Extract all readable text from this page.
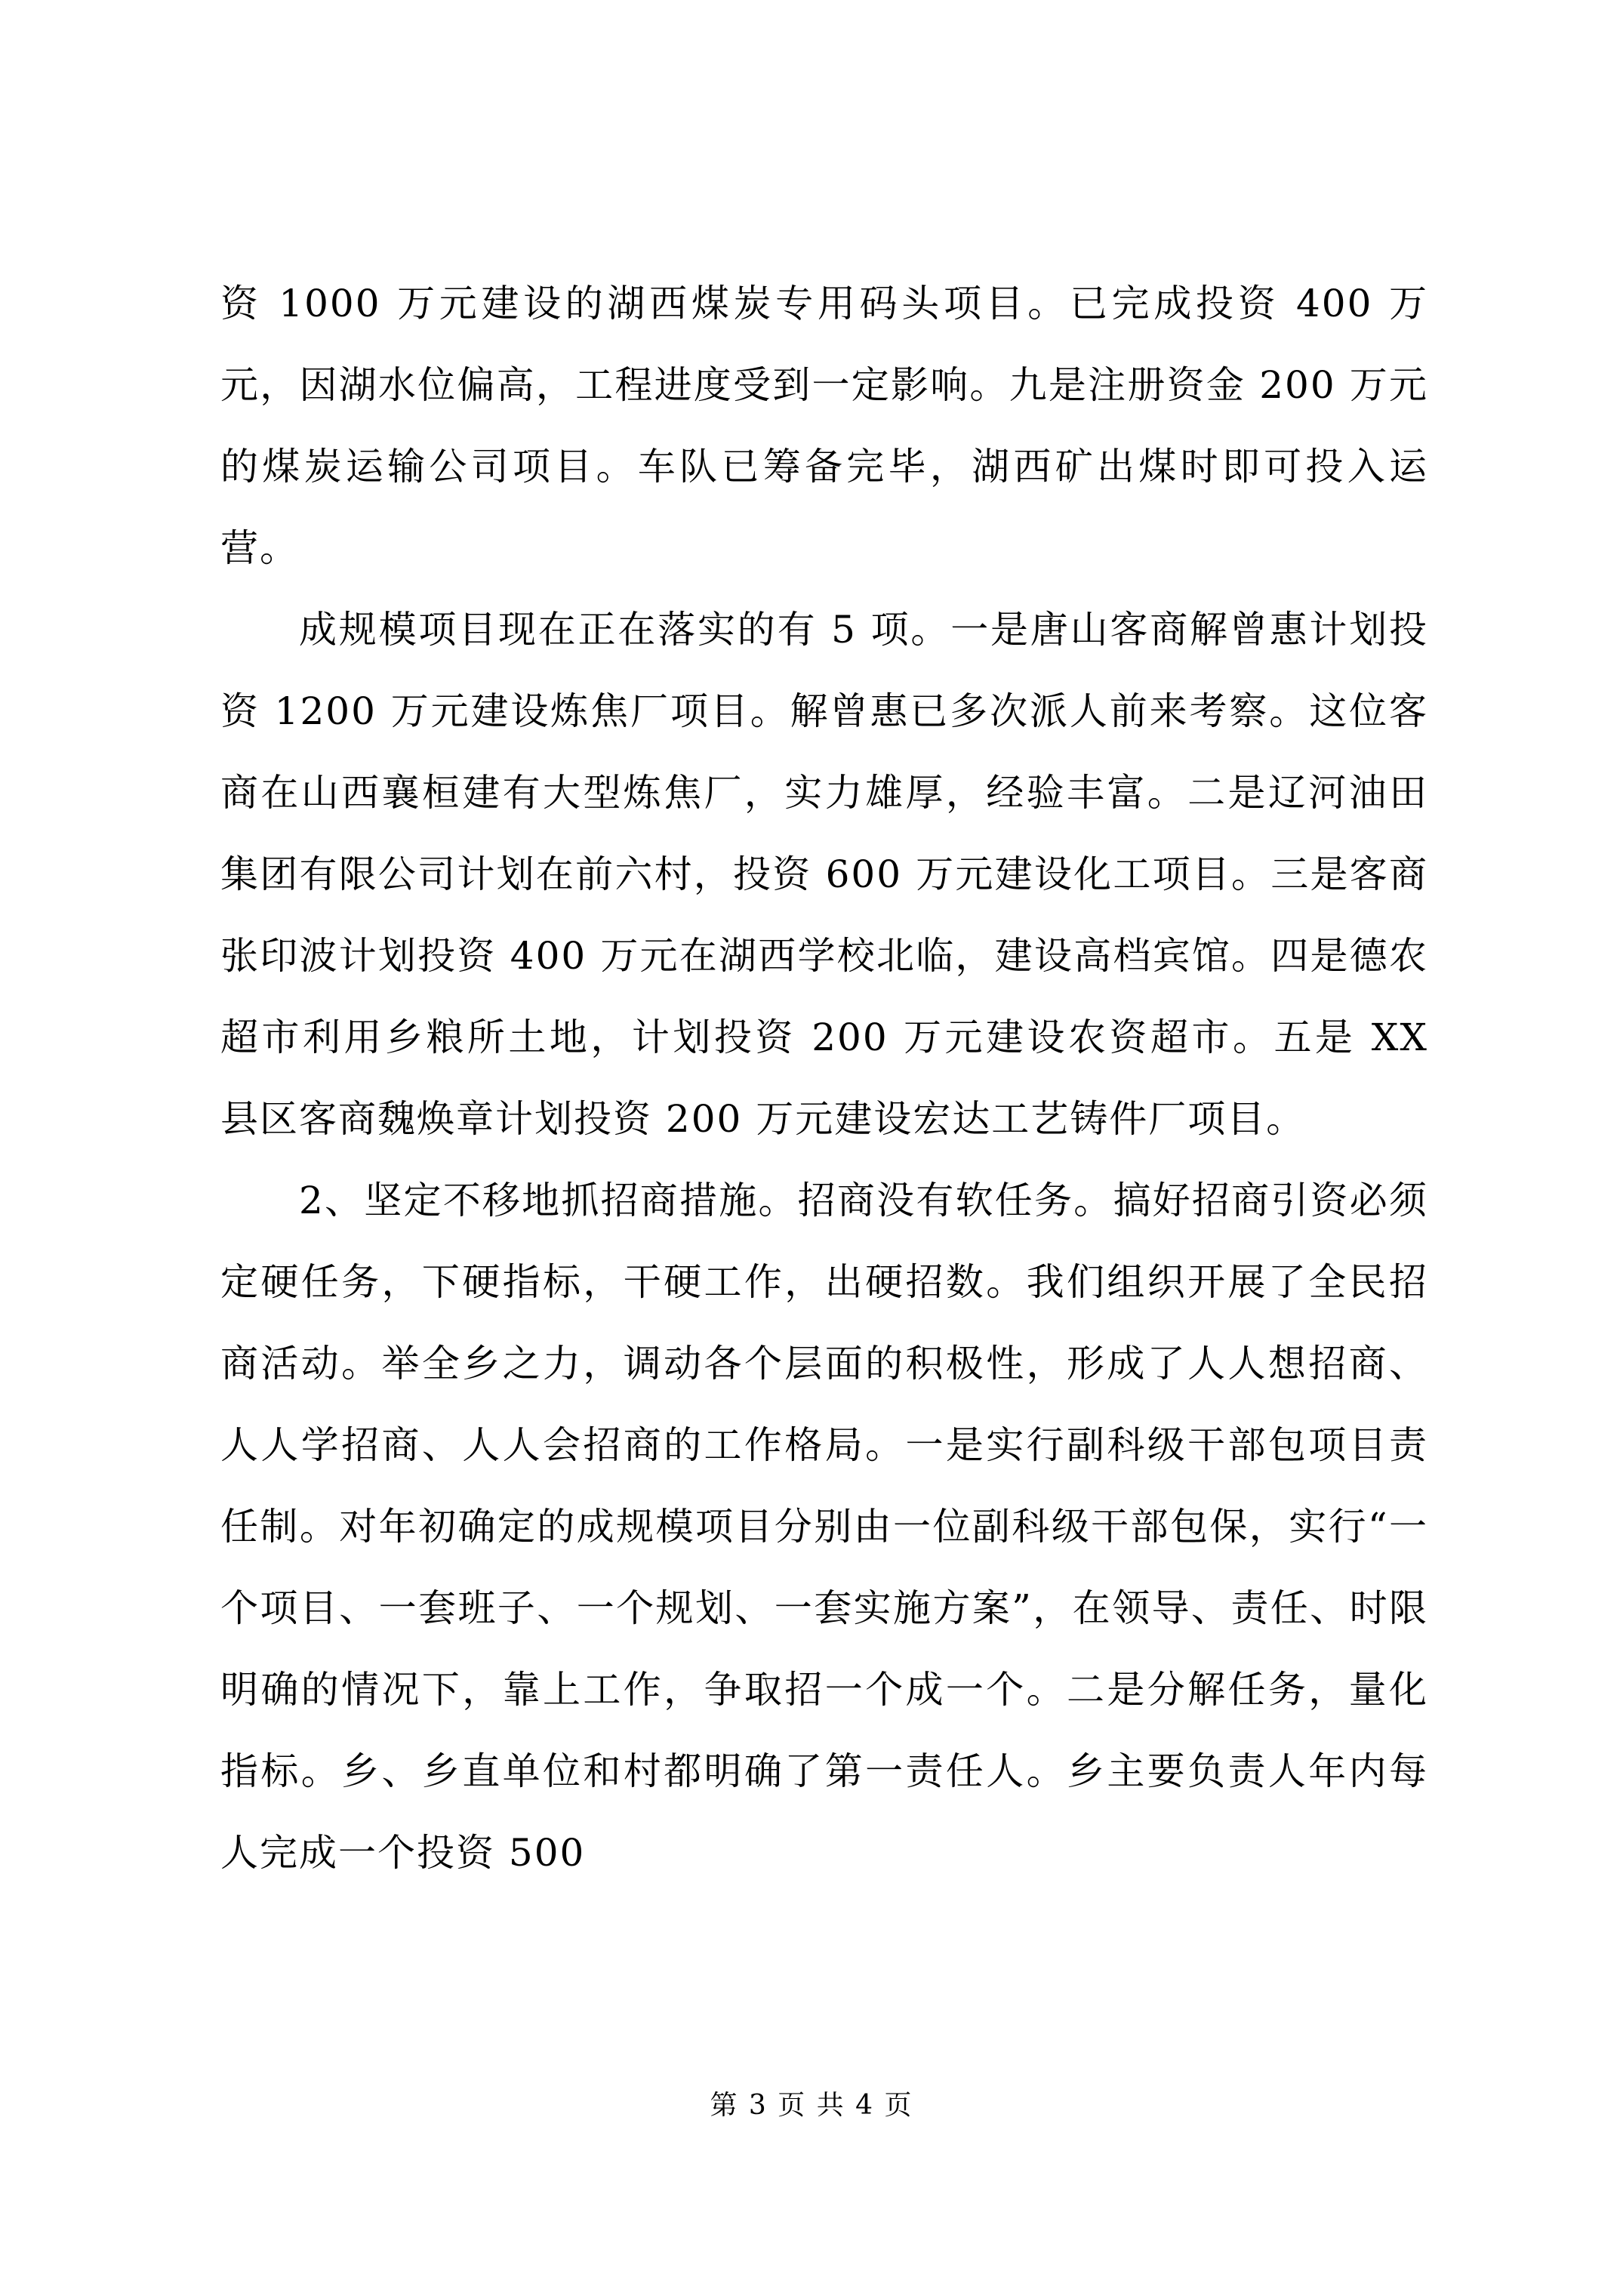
资 1000 万元建设的湖西煤炭专用码头项目。已完成投资 400 万元，因湖水位偏高，工程进度受到一定影响。九是注册资金 200 万元的煤炭运输公司项目。车队已筹备完毕，湖西矿出煤时即可投入运营。

成规模项目现在正在落实的有 5 项。一是唐山客商解曾惠计划投资 1200 万元建设炼焦厂项目。解曾惠已多次派人前来考察。这位客商在山西襄桓建有大型炼焦厂，实力雄厚，经验丰富。二是辽河油田集团有限公司计划在前六村，投资 600 万元建设化工项目。三是客商张印波计划投资 400 万元在湖西学校北临，建设高档宾馆。四是德农超市利用乡粮所土地，计划投资 200 万元建设农资超市。五是 XX 县区客商魏焕章计划投资 200 万元建设宏达工艺铸件厂项目。

2、坚定不移地抓招商措施。招商没有软任务。搞好招商引资必须定硬任务，下硬指标，干硬工作，出硬招数。我们组织开展了全民招商活动。举全乡之力，调动各个层面的积极性，形成了人人想招商、人人学招商、人人会招商的工作格局。一是实行副科级干部包项目责任制。对年初确定的成规模项目分别由一位副科级干部包保，实行“一个项目、一套班子、一个规划、一套实施方案”，在领导、责任、时限明确的情况下，靠上工作，争取招一个成一个。二是分解任务，量化指标。乡、乡直单位和村都明确了第一责任人。乡主要负责人年内每人完成一个投资 500

第 3 页 共 4 页
